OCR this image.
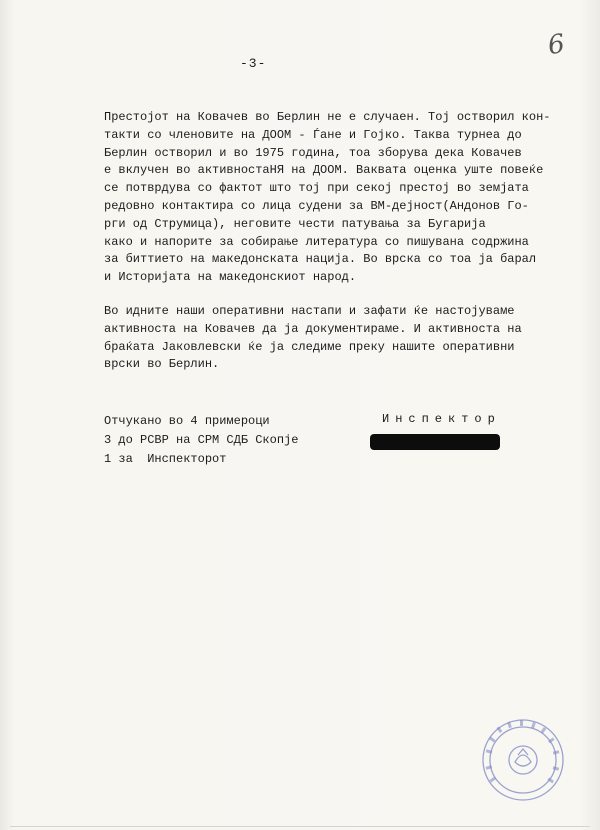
6
-3-
Престојот на Ковачев во Берлин не е случаен. Тој остворил кон-
такти со членовите на ДООМ - Ѓане и Гојко. Таква турнеа до
Берлин остворил и во 1975 година, тоа зборува дека Ковачев
е вклучен во активностаНЯ на ДООМ. Ваквата оценка уште повеќе
се потврдува со фактот што тој при секој престој во земјата
редовно контактира со лица судени за ВМ-дејност(Андонов Го-
рги од Струмица), неговите чести патувања за Бугарија
како и напорите за собирање литература со пишувана содржина
за биттието на македонската нација. Во врска со тоа ја барал
и Историјата на македонскиот народ.
Во идните наши оперативни настапи и зафати ќе настојуваме
активноста на Ковачев да ја документираме. И активноста на
браќата Јаковлевски ќе ја следиме преку нашите оперативни
врски во Берлин.
Отчукано во 4 примероци
3 до РСВР на СРМ СДБ Скопје
1 за  Инспекторот
Инспектор
